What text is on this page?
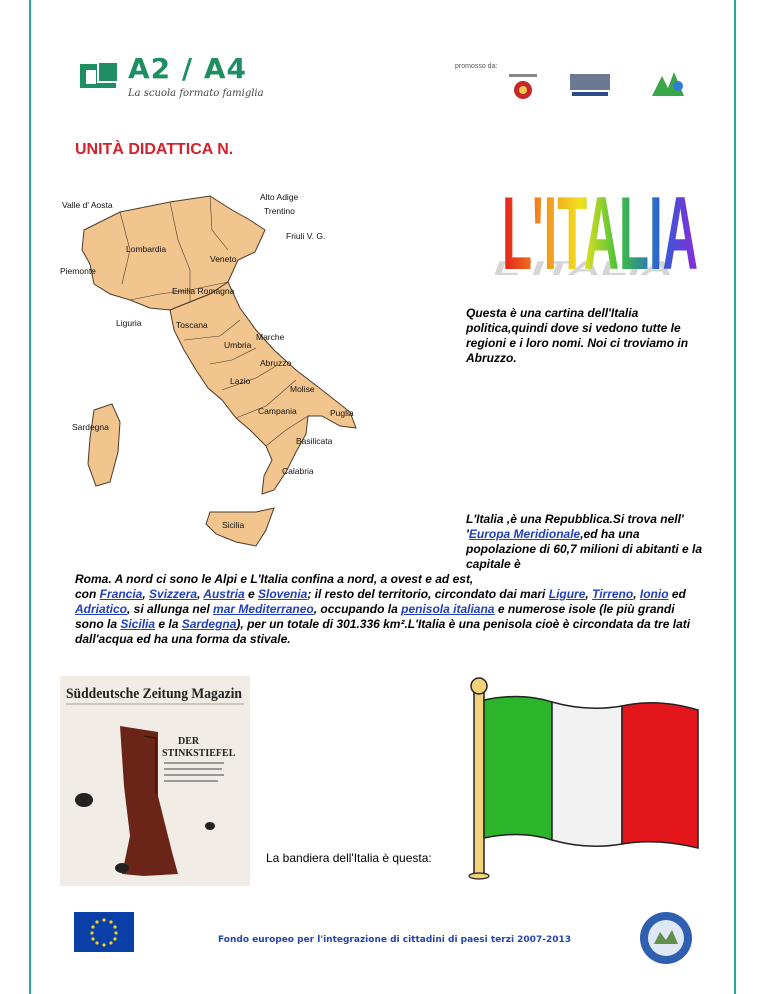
A2 / A4
La scuola formato famiglia
promosso da:
UNITÀ DIDATTICA N.
Valle d' Aosta
Alto Adige
Trentino
Friuli V. G.
Lombardia
Veneto
Piemonte
Emilia Romagna
Liguria	Toscana
Marche
Umbria
Abruzzo
Lazio
Molise
Campania	Puglia
Basilicata
Sardegna
Calabria
Sicilia
L'ITALIA
L'ITALIA
Questa è una cartina dell'Italia politica,quindi dove si vedono tutte le regioni e i loro nomi. Noi ci troviamo in Abruzzo.
L'Italia ,è una Repubblica.Si trova nell' 'Europa Meridionale,ed ha una popolazione di 60,7 milioni di abitanti e la capitale è
Roma. A nord ci sono le Alpi e L'Italia confina a nord, a ovest e ad est,
con Francia, Svizzera, Austria e Slovenia; il resto del territorio, circondato dai mari Ligure, Tirreno, Ionio ed Adriatico, si allunga nel mar Mediterraneo, occupando la penisola italiana e numerose isole (le più grandi sono la Sicilia e la Sardegna), per un totale di 301.336 km².L'Italia è una penisola cioè è circondata da tre lati dall'acqua ed ha una forma da stivale.
Süddeutsche Zeitung Magazin
DER
STINKSTIEFEL
La bandiera dell'Italia è questa:
Fondo europeo per l'integrazione di cittadini di paesi terzi 2007-2013
